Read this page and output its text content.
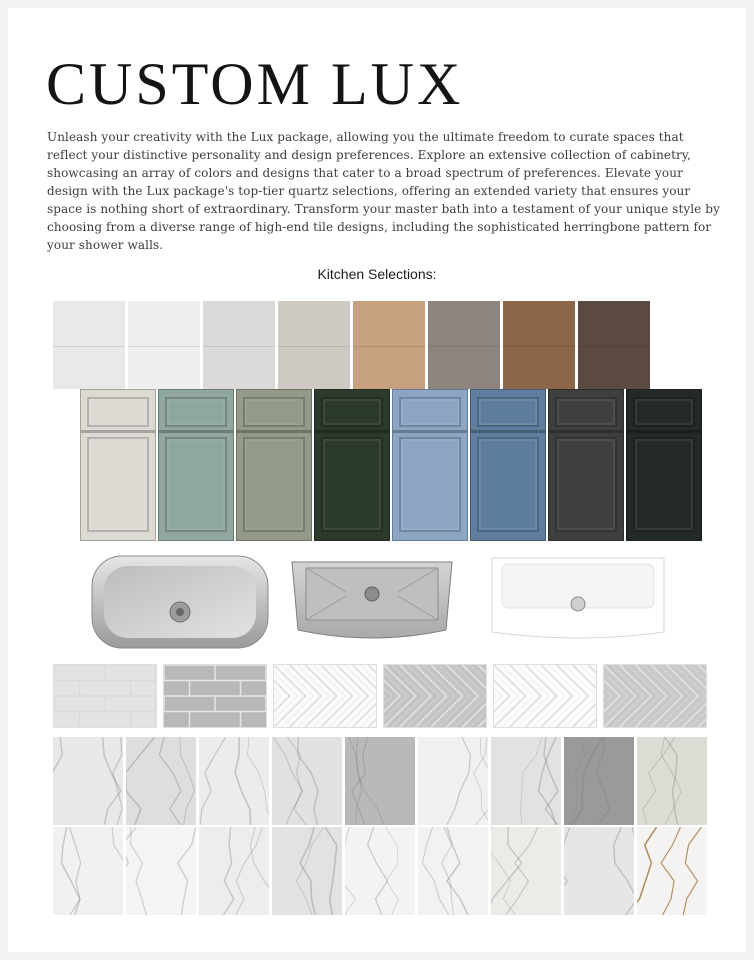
CUSTOM LUX

Unleash your creativity with the Lux package, allowing you the ultimate freedom to curate spaces that reflect your distinctive personality and design preferences. Explore an extensive collection of cabinetry, showcasing an array of colors and designs that cater to a broad spectrum of preferences. Elevate your design with the Lux package's top-tier quartz selections, offering an extended variety that ensures your space is nothing short of extraordinary. Transform your master bath into a testament of your unique style by choosing from a diverse range of high-end tile designs, including the sophisticated herringbone pattern for your shower walls.

Kitchen Selections:
